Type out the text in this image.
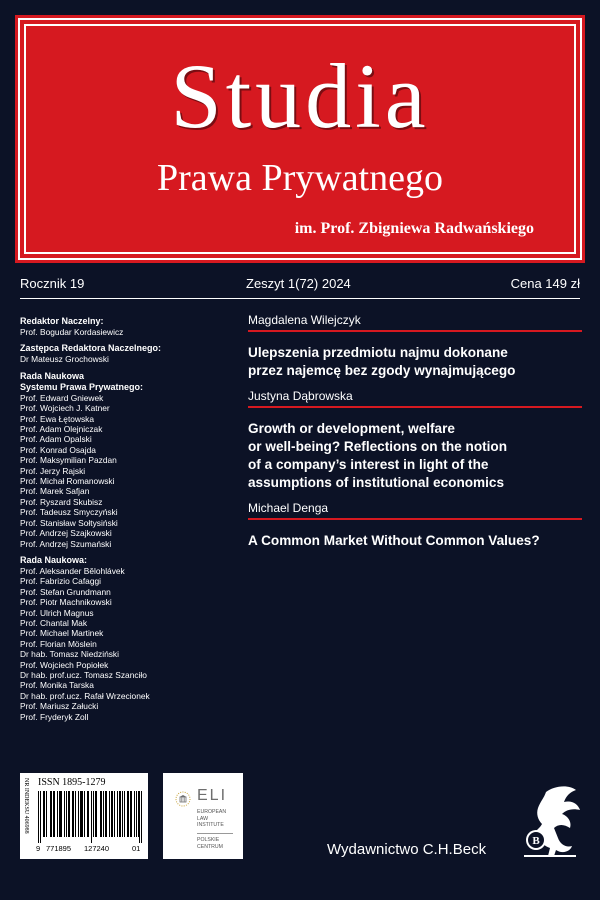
Studia
Prawa Prywatnego
im. Prof. Zbigniewa Radwańskiego
Rocznik 19	Zeszyt 1(72) 2024	Cena 149 zł
Redaktor Naczelny:
Prof. Bogudar Kordasiewicz
Zastępca Redaktora Naczelnego:
Dr Mateusz Grochowski
Rada Naukowa
Systemu Prawa Prywatnego:
Prof. Edward Gniewek
Prof. Wojciech J. Katner
Prof. Ewa Łętowska
Prof. Adam Olejniczak
Prof. Adam Opalski
Prof. Konrad Osajda
Prof. Maksymilian Pazdan
Prof. Jerzy Rajski
Prof. Michał Romanowski
Prof. Marek Safjan
Prof. Ryszard Skubisz
Prof. Tadeusz Smyczyński
Prof. Stanisław Sołtysiński
Prof. Andrzej Szajkowski
Prof. Andrzej Szumański
Rada Naukowa:
Prof. Aleksander Bělohlávek
Prof. Fabrizio Cafaggi
Prof. Stefan Grundmann
Prof. Piotr Machnikowski
Prof. Ulrich Magnus
Prof. Chantal Mak
Prof. Michael Martinek
Prof. Florian Möslein
Dr hab. Tomasz Niedziński
Prof. Wojciech Popiołek
Dr hab. prof.ucz. Tomasz Szanciło
Prof. Monika Tarska
Dr hab. prof.ucz. Rafał Wrzecionek
Prof. Mariusz Załucki
Prof. Fryderyk Zoll
Magdalena Wilejczyk
Ulepszenia przedmiotu najmu dokonane
przez najemcę bez zgody wynajmującego
Justyna Dąbrowska
Growth or development, welfare
or well-being? Reflections on the notion
of a company’s interest in light of the
assumptions of institutional economics
Michael Denga
A Common Market Without Common Values?
NR INDEKSU 406988 ISSN 1895-1279
9 771895 127240	01
ELI
EUROPEAN
LAW
INSTITUTE
POLSKIE
CENTRUM	Wydawnictwo C.H.Beck	B
